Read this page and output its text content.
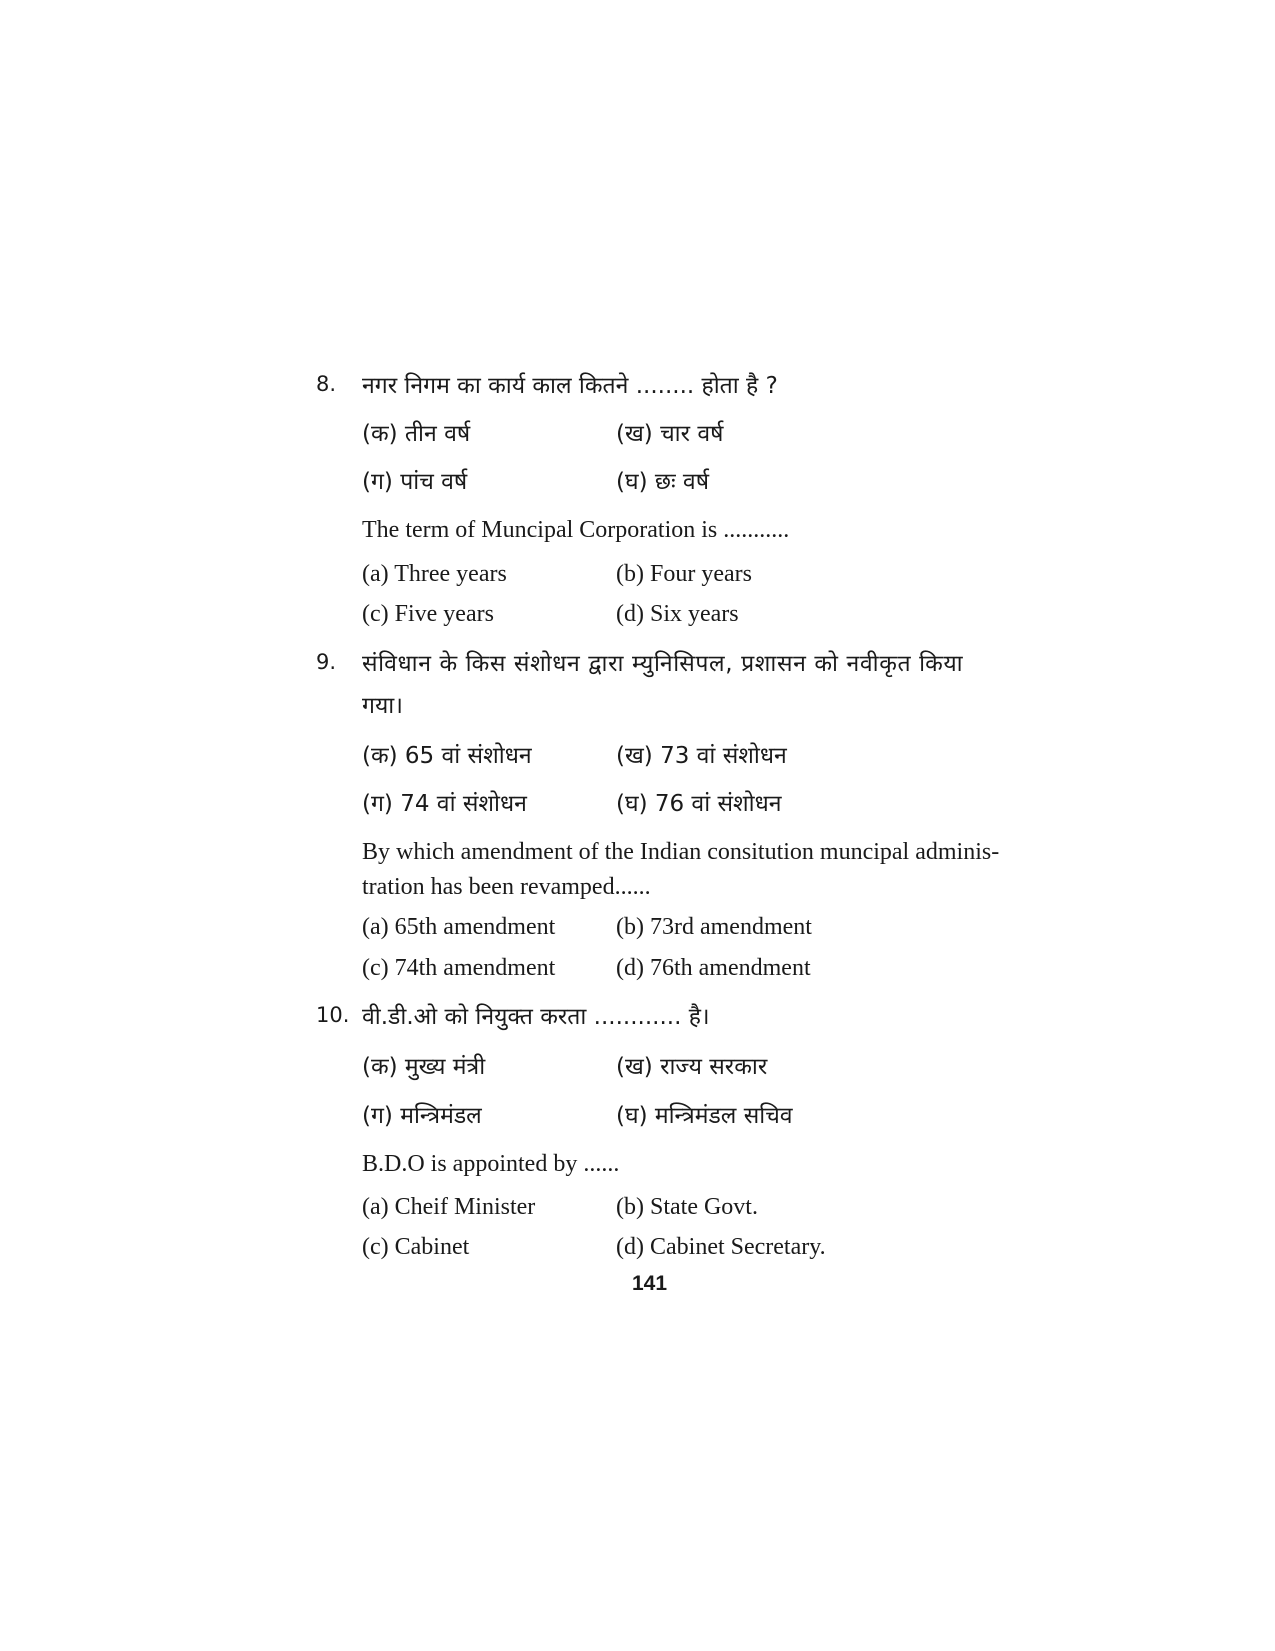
8. नगर निगम का कार्य काल कितने ........ होता है ?
(क) तीन वर्ष	(ख) चार वर्ष
(ग) पांच वर्ष	(घ) छः वर्ष
The term of Muncipal Corporation is ...........
(a) Three years	(b) Four years
(c) Five years	(d) Six years
9. संविधान के किस संशोधन द्वारा म्युनिसिपल, प्रशासन को नवीकृत किया
गया।
(क) 65 वां संशोधन	(ख) 73 वां संशोधन
(ग) 74 वां संशोधन	(घ) 76 वां संशोधन
By which amendment of the Indian consitution muncipal adminis-
tration has been revamped......
(a) 65th amendment	(b) 73rd amendment
(c) 74th amendment	(d) 76th amendment
10. वी.डी.ओ को नियुक्त करता ............ है।
(क) मुख्य मंत्री	(ख) राज्य सरकार
(ग) मन्त्रिमंडल	(घ) मन्त्रिमंडल सचिव
B.D.O is appointed by ......
(a) Cheif Minister	(b) State Govt.
(c) Cabinet	(d) Cabinet Secretary.
141
